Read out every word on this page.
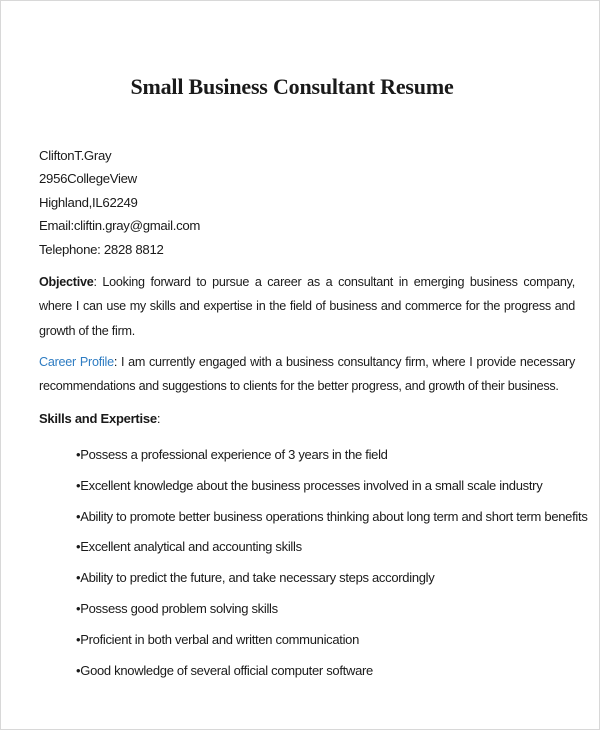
Small Business Consultant Resume
CliftonT.Gray
2956CollegeView
Highland,IL62249
Email:cliftin.gray@gmail.com
Telephone: 2828 8812

Objective: Looking forward to pursue a career as a consultant in emerging business company, where I can use my skills and expertise in the field of business and commerce for the progress and growth of the firm.

Career Profile: I am currently engaged with a business consultancy firm, where I provide necessary recommendations and suggestions to clients for the better progress, and growth of their business.

Skills and Expertise:
•Possess a professional experience of 3 years in the field
•Excellent knowledge about the business processes involved in a small scale industry
•Ability to promote better business operations thinking about long term and short term benefits
•Excellent analytical and accounting skills
•Ability to predict the future, and take necessary steps accordingly
•Possess good problem solving skills
•Proficient in both verbal and written communication
•Good knowledge of several official computer software
